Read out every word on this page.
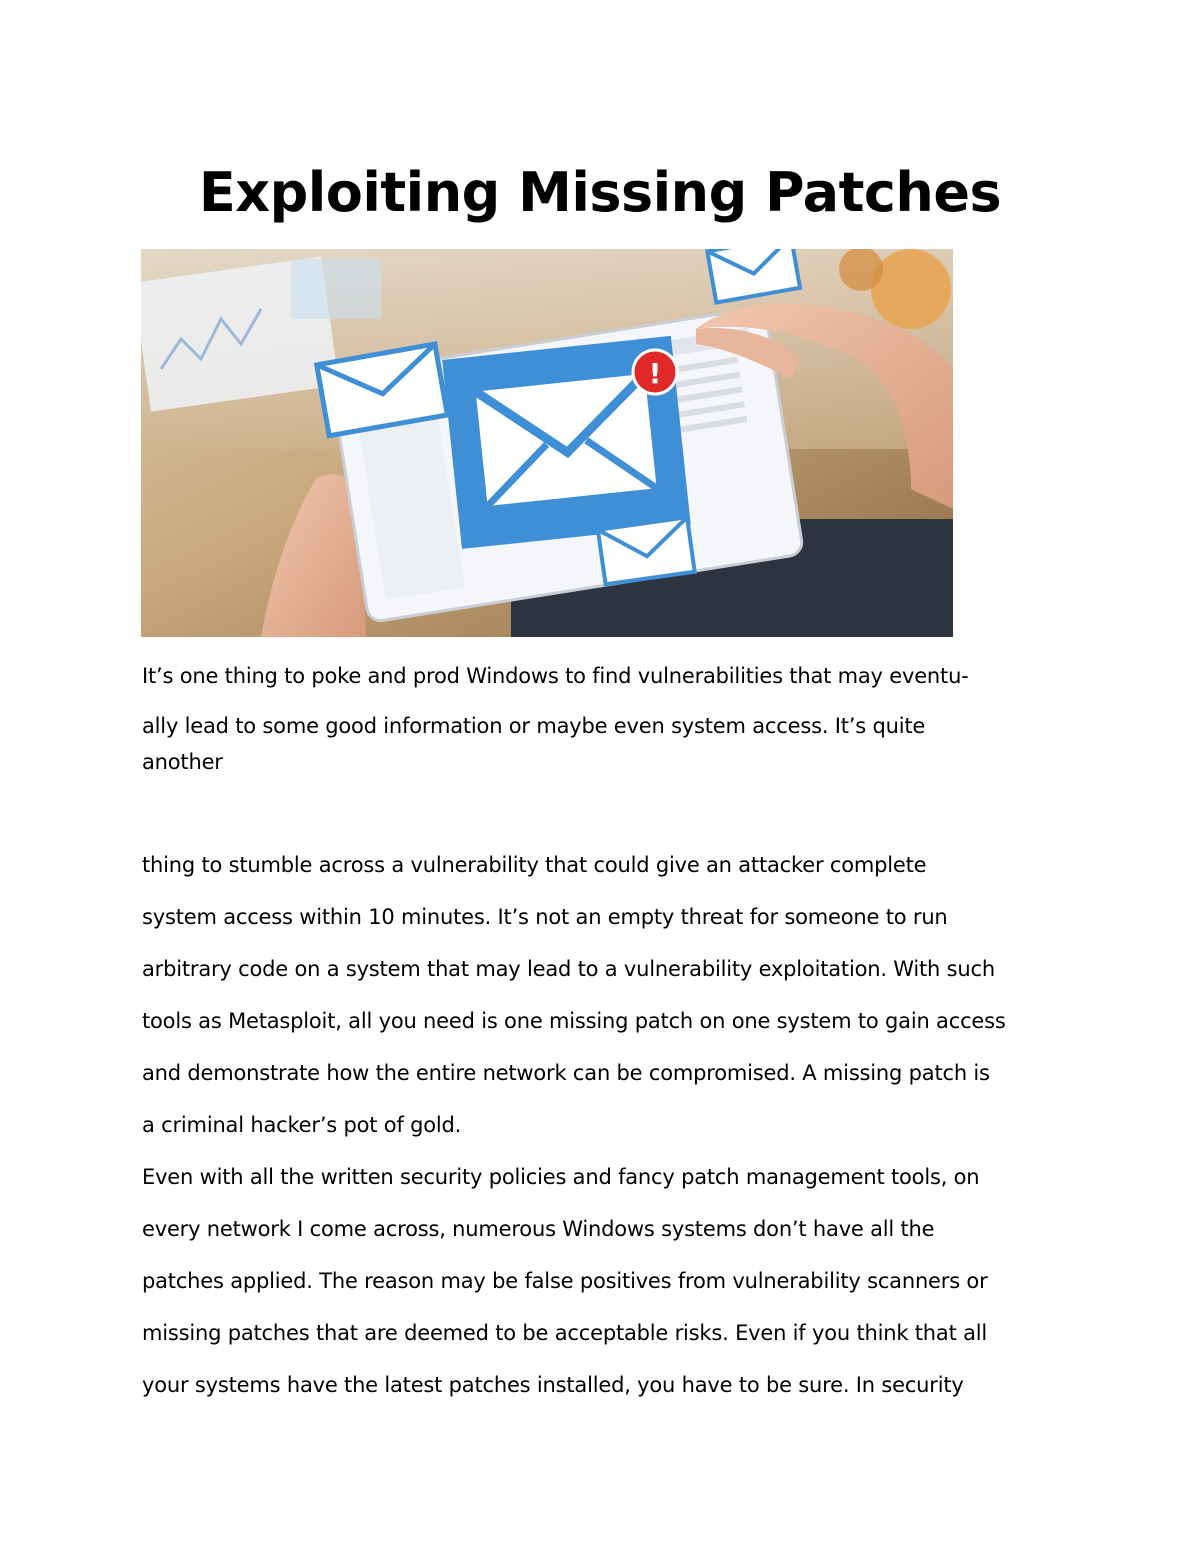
Exploiting Missing Patches
!
It’s one thing to poke and prod Windows to find vulnerabilities that may eventu-
ally lead to some good information or maybe even system access. It’s quite
another
thing to stumble across a vulnerability that could give an attacker complete
system access within 10 minutes. It’s not an empty threat for someone to run
arbitrary code on a system that may lead to a vulnerability exploitation. With such
tools as Metasploit, all you need is one missing patch on one system to gain access
and demonstrate how the entire network can be compromised. A missing patch is
a criminal hacker’s pot of gold.
Even with all the written security policies and fancy patch management tools, on
every network I come across, numerous Windows systems don’t have all the
patches applied. The reason may be false positives from vulnerability scanners or
missing patches that are deemed to be acceptable risks. Even if you think that all
your systems have the latest patches installed, you have to be sure. In security
